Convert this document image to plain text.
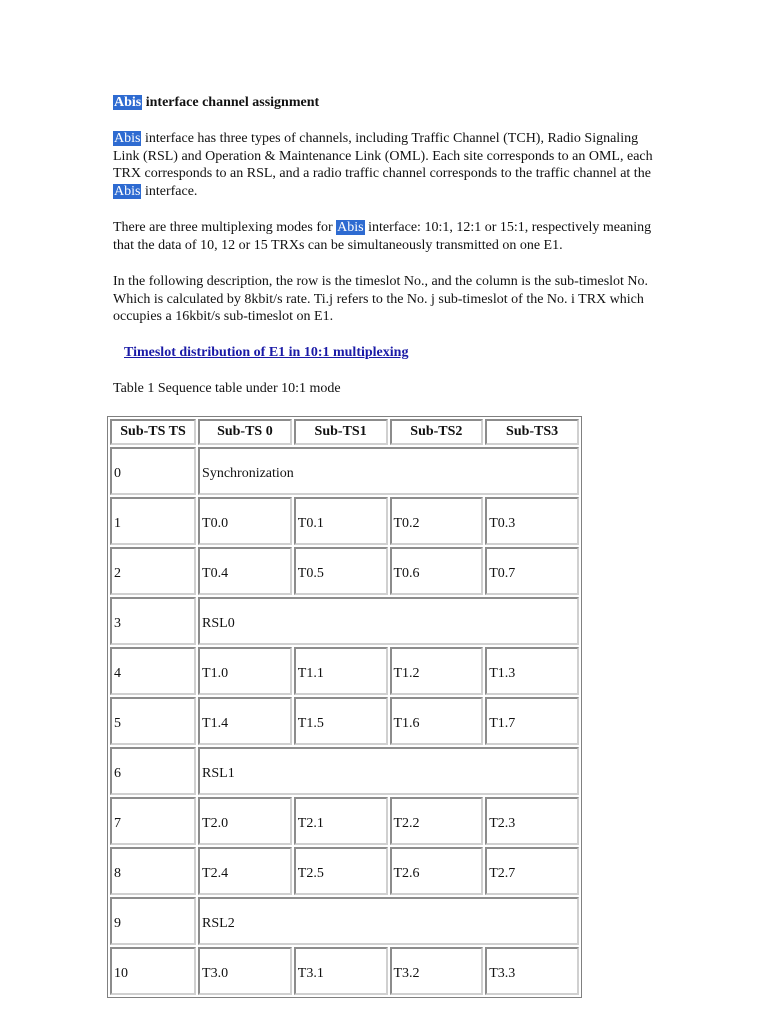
Abis interface channel assignment

Abis interface has three types of channels, including Traffic Channel (TCH), Radio Signaling Link (RSL) and Operation & Maintenance Link (OML). Each site corresponds to an OML, each TRX corresponds to an RSL, and a radio traffic channel corresponds to the traffic channel at the Abis interface.

There are three multiplexing modes for Abis interface: 10:1, 12:1 or 15:1, respectively meaning that the data of 10, 12 or 15 TRXs can be simultaneously transmitted on one E1.

In the following description, the row is the timeslot No., and the column is the sub-timeslot No. Which is calculated by 8kbit/s rate. Ti.j refers to the No. j sub-timeslot of the No. i TRX which occupies a 16kbit/s sub-timeslot on E1.

Timeslot distribution of E1 in 10:1 multiplexing
Table 1 Sequence table under 10:1 mode
Sub-TS TS	Sub-TS 0	Sub-TS1	Sub-TS2	Sub-TS3
0	Synchronization			
1	T0.0	T0.1	T0.2	T0.3
2	T0.4	T0.5	T0.6	T0.7
3	RSL0			
4	T1.0	T1.1	T1.2	T1.3
5	T1.4	T1.5	T1.6	T1.7
6	RSL1			
7	T2.0	T2.1	T2.2	T2.3
8	T2.4	T2.5	T2.6	T2.7
9	RSL2			
10	T3.0	T3.1	T3.2	T3.3
